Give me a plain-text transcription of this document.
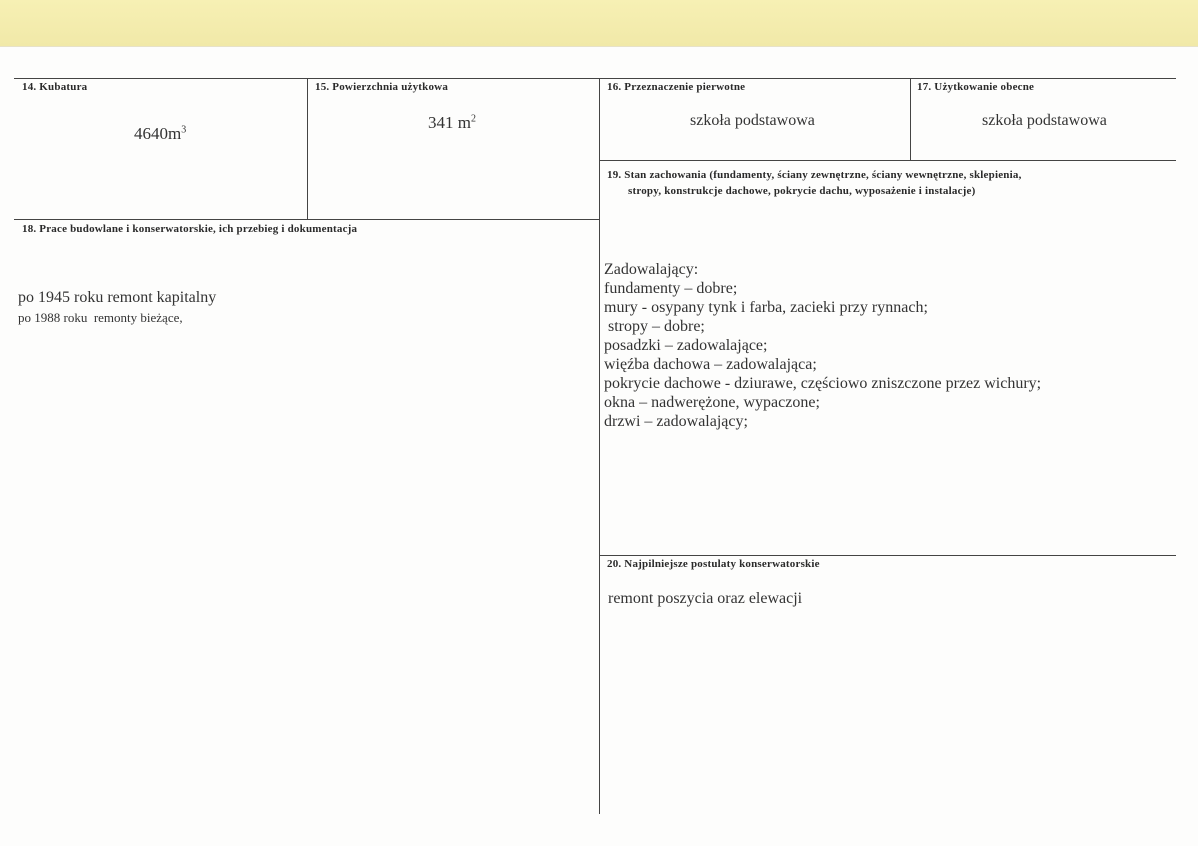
14. Kubatura
$4640m^3$
15. Powierzchnia użytkowa
341 $m^2$
16. Przeznaczenie pierwotne
szkoła podstawowa
17. Użytkowanie obecne
szkoła podstawowa
19. Stan zachowania (fundamenty, ściany zewnętrzne, ściany wewnętrzne, sklepienia,
stropy, konstrukcje dachowe, pokrycie dachu, wyposażenie i instalacje)
Zadowalający:
fundamenty – dobre;
mury - osypany tynk i farba, zacieki przy rynnach;
stropy – dobre;
posadzki – zadowalające;
więźba dachowa – zadowalająca;
pokrycie dachowe - dziurawe, częściowo zniszczone przez wichury;
okna – nadwerężone, wypaczone;
drzwi – zadowalający;
18. Prace budowlane i konserwatorskie, ich przebieg i dokumentacja
po 1945 roku remont kapitalny
po 1988 roku  remonty bieżące,
20. Najpilniejsze postulaty konserwatorskie
remont poszycia oraz elewacji
